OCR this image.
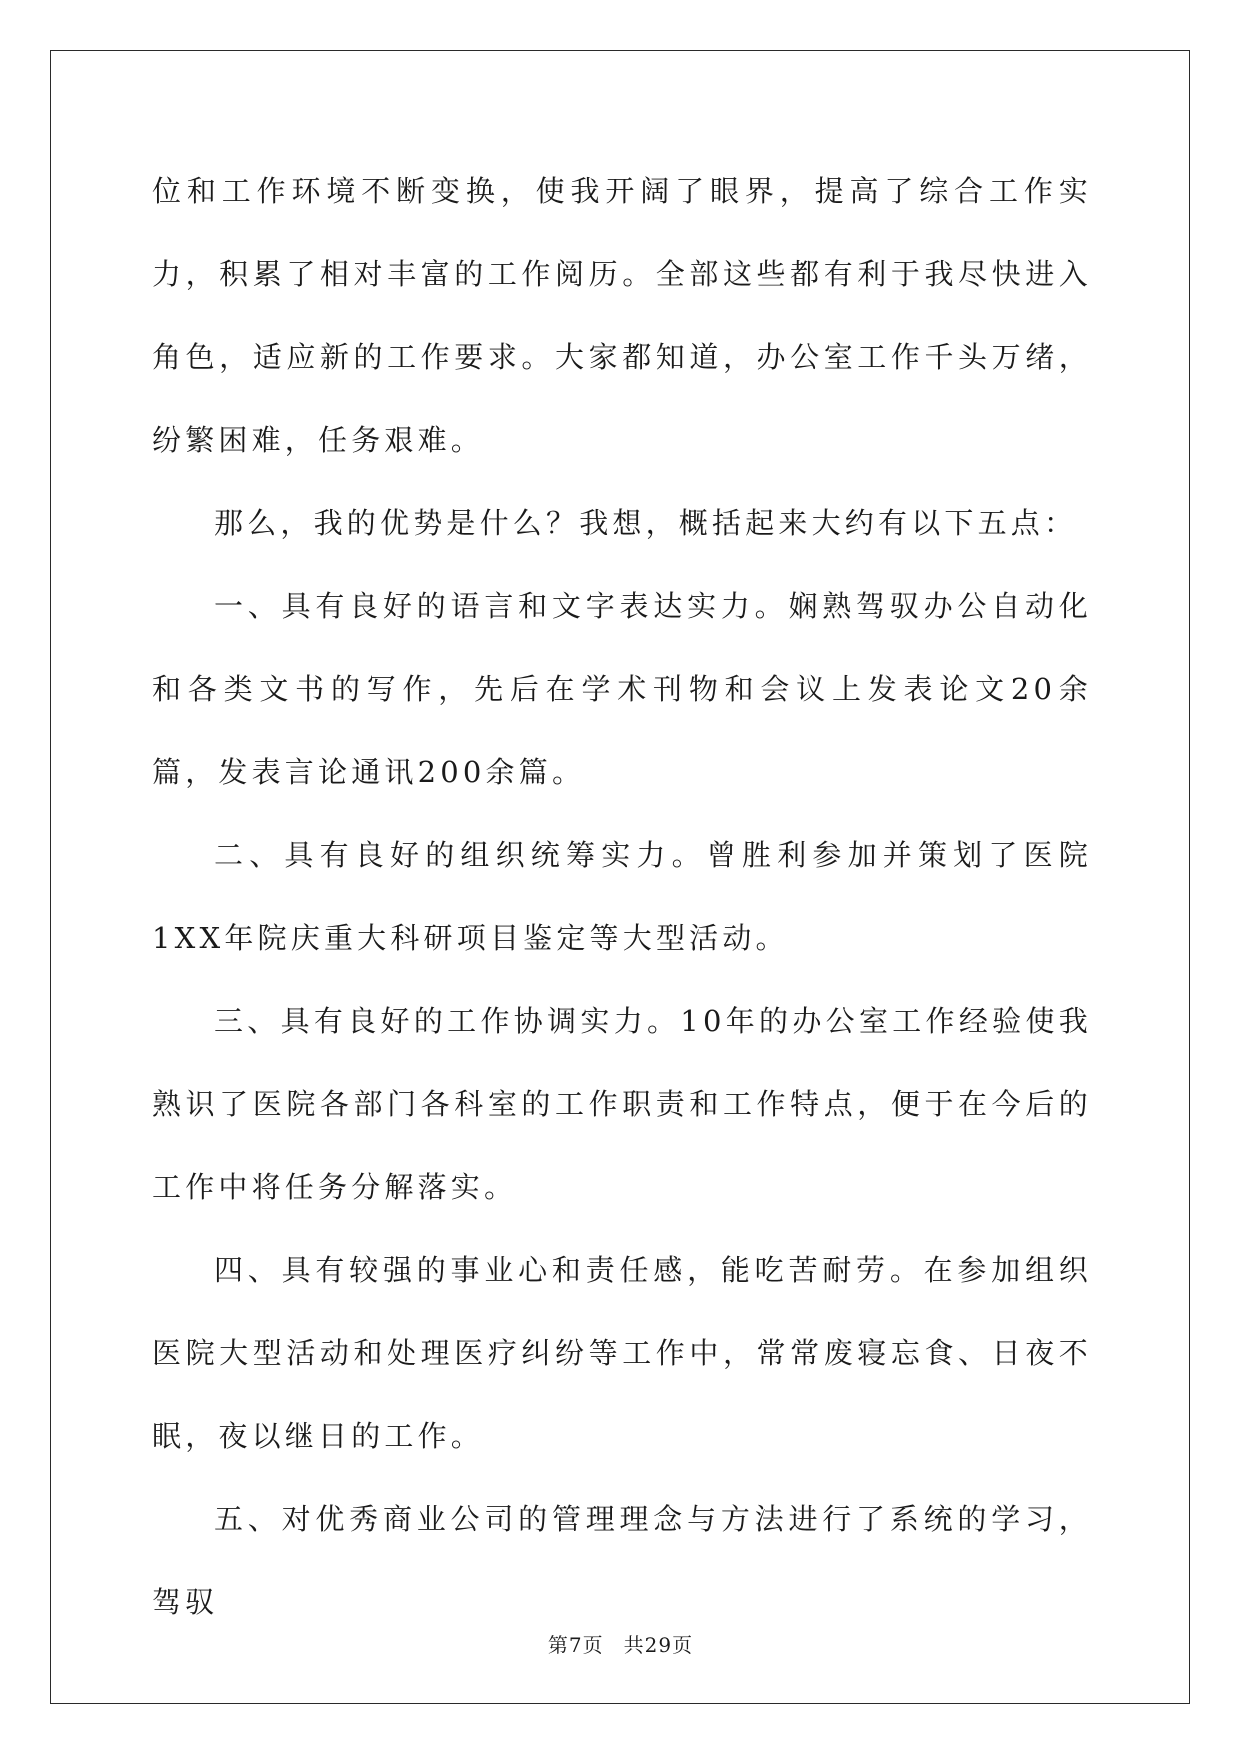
位和工作环境不断变换，使我开阔了眼界，提高了综合工作实力，积累了相对丰富的工作阅历。全部这些都有利于我尽快进入角色，适应新的工作要求。大家都知道，办公室工作千头万绪，纷繁困难，任务艰难。

那么，我的优势是什么？我想，概括起来大约有以下五点：

一、具有良好的语言和文字表达实力。娴熟驾驭办公自动化和各类文书的写作，先后在学术刊物和会议上发表论文20余篇，发表言论通讯200余篇。

二、具有良好的组织统筹实力。曾胜利参加并策划了医院1XX年院庆重大科研项目鉴定等大型活动。

三、具有良好的工作协调实力。10年的办公室工作经验使我熟识了医院各部门各科室的工作职责和工作特点，便于在今后的工作中将任务分解落实。

四、具有较强的事业心和责任感，能吃苦耐劳。在参加组织医院大型活动和处理医疗纠纷等工作中，常常废寝忘食、日夜不眠，夜以继日的工作。

五、对优秀商业公司的管理理念与方法进行了系统的学习，驾驭

第7页 共29页
